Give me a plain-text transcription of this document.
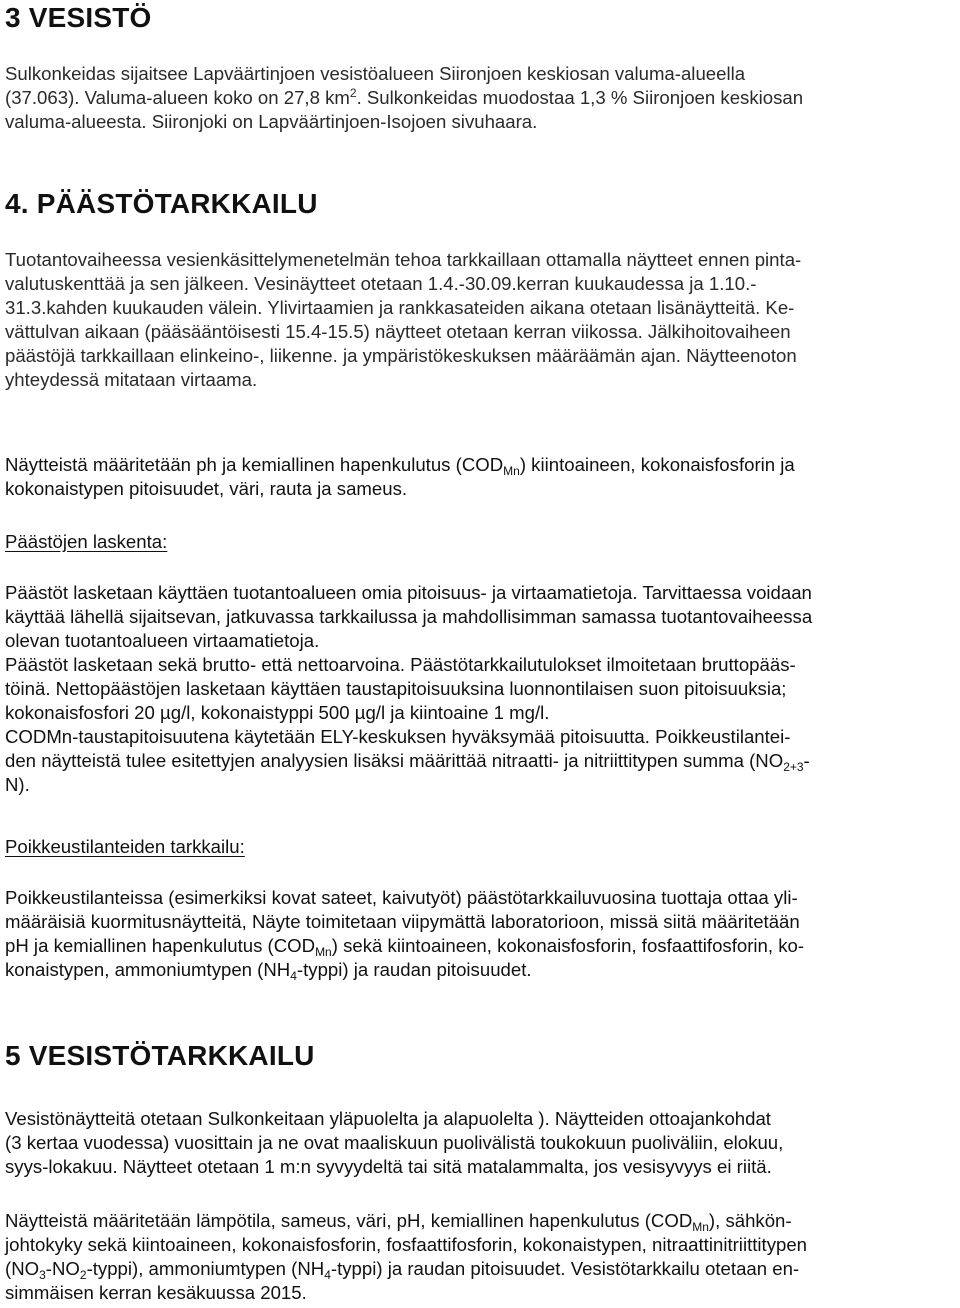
3 VESISTÖ
Sulkonkeidas sijaitsee Lapväärtinjoen vesistöalueen Siironjoen keskiosan valuma-alueella
(37.063). Valuma-alueen koko on 27,8 $km^2$. Sulkonkeidas muodostaa 1,3 % Siironjoen keskiosan
valuma-alueesta. Siironjoki on Lapväärtinjoen-Isojoen sivuhaara.
4. PÄÄSTÖTARKKAILU
Tuotantovaiheessa vesienkäsittelymenetelmän tehoa tarkkaillaan ottamalla näytteet ennen pinta-
valutuskenttää ja sen jälkeen. Vesinäytteet otetaan 1.4.-30.09.kerran kuukaudessa ja 1.10.-
31.3.kahden kuukauden välein. Ylivirtaamien ja rankkasateiden aikana otetaan lisänäytteitä. Ke-
vättulvan aikaan (pääsääntöisesti 15.4-15.5) näytteet otetaan kerran viikossa. Jälkihoitovaiheen
päästöjä tarkkaillaan elinkeino-, liikenne. ja ympäristökeskuksen määräämän ajan. Näytteenoton
yhteydessä mitataan virtaama.
Näytteistä määritetään ph ja kemiallinen hapenkulutus $(COD_{Mn})$ kiintoaineen, kokonaisfosforin ja
kokonaistypen pitoisuudet, väri, rauta ja sameus.
Päästöjen laskenta:
Päästöt lasketaan käyttäen tuotantoalueen omia pitoisuus- ja virtaamatietoja. Tarvittaessa voidaan
käyttää lähellä sijaitsevan, jatkuvassa tarkkailussa ja mahdollisimman samassa tuotantovaiheessa
olevan tuotantoalueen virtaamatietoja.
Päästöt lasketaan sekä brutto- että nettoarvoina. Päästötarkkailutulokset ilmoitetaan bruttopääs-
töinä. Nettopäästöjen lasketaan käyttäen taustapitoisuuksina luonnontilaisen suon pitoisuuksia;
kokonaisfosfori 20 µg/l, kokonaistyppi 500 µg/l ja kiintoaine 1 mg/l.
CODMn-taustapitoisuutena käytetään ELY-keskuksen hyväksymää pitoisuutta. Poikkeustilantei-
den näytteistä tulee esitettyjen analyysien lisäksi määrittää nitraatti- ja nitriittitypen summa ($NO_{2+3}-$
N).
Poikkeustilanteiden tarkkailu:
Poikkeustilanteissa (esimerkiksi kovat sateet, kaivutyöt) päästötarkkailuvuosina tuottaja ottaa yli-
määräisiä kuormitusnäytteitä, Näyte toimitetaan viipymättä laboratorioon, missä siitä määritetään
pH ja kemiallinen hapenkulutus $(COD_{Mn})$ sekä kiintoaineen, kokonaisfosforin, fosfaattifosforin, ko-
konaistypen, ammoniumtypen $(NH_4-typpi)$ ja raudan pitoisuudet.
5 VESISTÖTARKKAILU
Vesistönäytteitä otetaan Sulkonkeitaan yläpuolelta ja alapuolelta ). Näytteiden ottoajankohdat
(3 kertaa vuodessa) vuosittain ja ne ovat maaliskuun puolivälistä toukokuun puoliväliin, elokuu,
syys-lokakuu. Näytteet otetaan 1 m:n syvyydeltä tai sitä matalammalta, jos vesisyvyys ei riitä.
Näytteistä määritetään lämpötila, sameus, väri, pH, kemiallinen hapenkulutus $(COD_{Mn})$, sähkön-
johtokyky sekä kiintoaineen, kokonaisfosforin, fosfaattifosforin, kokonaistypen, nitraattinitriittitypen
$(NO_3-NO_2-typpi)$, ammoniumtypen $(NH_4-typpi)$ ja raudan pitoisuudet. Vesistötarkkailu otetaan en-
simmäisen kerran kesäkuussa 2015.
